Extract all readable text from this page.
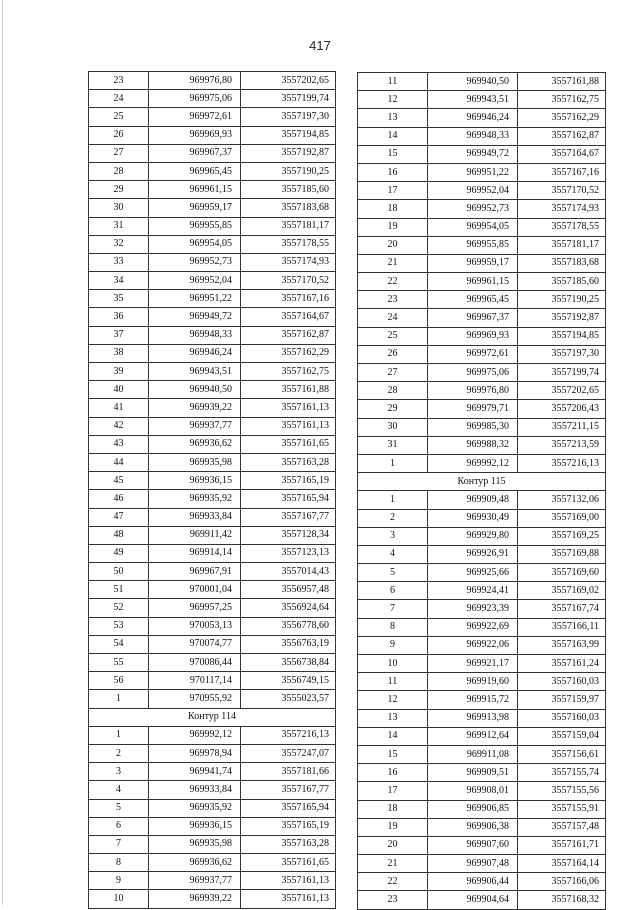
417
23	969976,80	3557202,65
24	969975,06	3557199,74
25	969972,61	3557197,30
26	969969,93	3557194,85
27	969967,37	3557192,87
28	969965,45	3557190,25
29	969961,15	3557185,60
30	969959,17	3557183,68
31	969955,85	3557181,17
32	969954,05	3557178,55
33	969952,73	3557174,93
34	969952,04	3557170,52
35	969951,22	3557167,16
36	969949,72	3557164,67
37	969948,33	3557162,87
38	969946,24	3557162,29
39	969943,51	3557162,75
40	969940,50	3557161,88
41	969939,22	3557161,13
42	969937,77	3557161,13
43	969936,62	3557161,65
44	969935,98	3557163,28
45	969936,15	3557165,19
46	969935,92	3557165,94
47	969933,84	3557167,77
48	969911,42	3557128,34
49	969914,14	3557123,13
50	969967,91	3557014,43
51	970001,04	3556957,48
52	969957,25	3556924,64
53	970053,13	3556778,60
54	970074,77	3556763,19
55	970086,44	3556738,84
56	970117,14	3556749,15
1	970955,92	3555023,57
Контур 114		
1	969992,12	3557216,13
2	969978,94	3557247,07
3	969941,74	3557181,66
4	969933,84	3557167,77
5	969935,92	3557165,94
6	969936,15	3557165,19
7	969935,98	3557163,28
8	969936,62	3557161,65
9	969937,77	3557161,13
10	969939,22	3557161,13
11	969940,50	3557161,88
12	969943,51	3557162,75
13	969946,24	3557162,29
14	969948,33	3557162,87
15	969949,72	3557164,67
16	969951,22	3557167,16
17	969952,04	3557170,52
18	969952,73	3557174,93
19	969954,05	3557178,55
20	969955,85	3557181,17
21	969959,17	3557183,68
22	969961,15	3557185,60
23	969965,45	3557190,25
24	969967,37	3557192,87
25	969969,93	3557194,85
26	969972,61	3557197,30
27	969975,06	3557199,74
28	969976,80	3557202,65
29	969979,71	3557206,43
30	969985,30	3557211,15
31	969988,32	3557213,59
1	969992,12	3557216,13
Контур 115		
1	969909,48	3557132,06
2	969930,49	3557169,00
3	969929,80	3557169,25
4	969926,91	3557169,88
5	969925,66	3557169,60
6	969924,41	3557169,02
7	969923,39	3557167,74
8	969922,69	3557166,11
9	969922,06	3557163,99
10	969921,17	3557161,24
11	969919,60	3557160,03
12	969915,72	3557159,97
13	969913,98	3557160,03
14	969912,64	3557159,04
15	969911,08	3557156,61
16	969909,51	3557155,74
17	969908,01	3557155,56
18	969906,85	3557155,91
19	969906,38	3557157,48
20	969907,60	3557161,71
21	969907,48	3557164,14
22	969906,44	3557166,06
23	969904,64	3557168,32
